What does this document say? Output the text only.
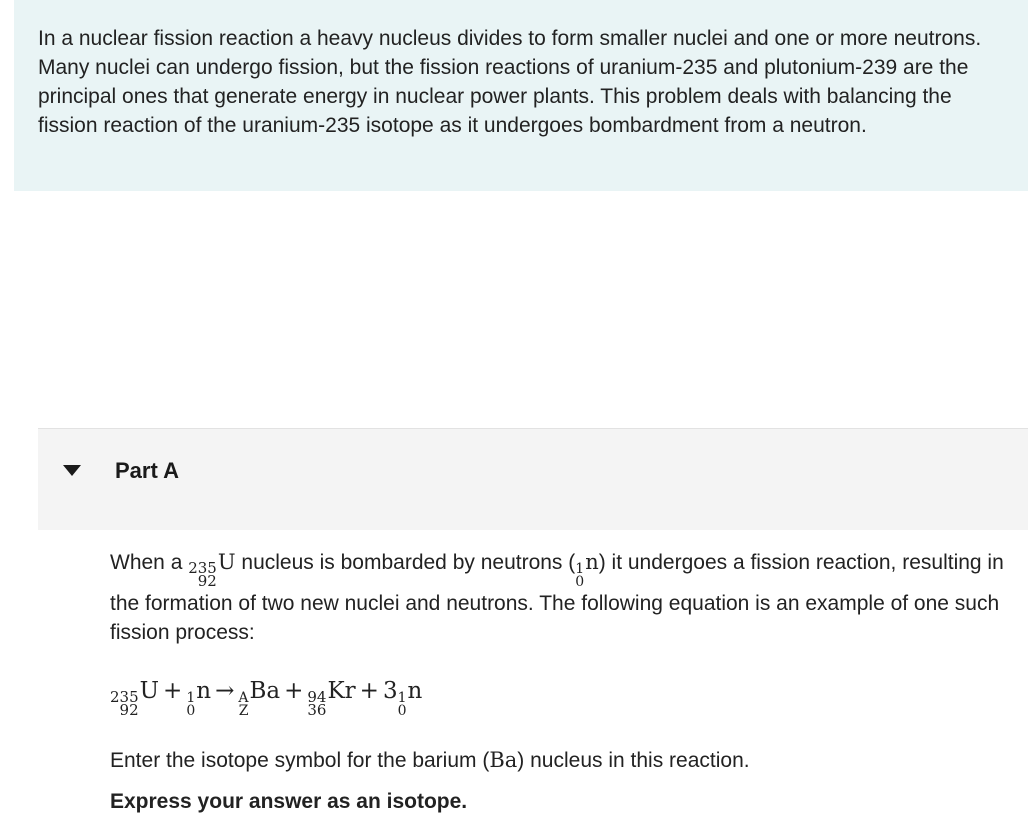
In a nuclear fission reaction a heavy nucleus divides to form smaller nuclei and one or more neutrons. Many nuclei can undergo fission, but the fission reactions of uranium-235 and plutonium-239 are the principal ones that generate energy in nuclear power plants. This problem deals with balancing the fission reaction of the uranium-235 isotope as it undergoes bombardment from a neutron.
Part A
When a 235
92
U nucleus is bombarded by neutrons ( 1
0
n) it undergoes a fission reaction, resulting in the formation of two new nuclei and neutrons. The following equation is an example of one such fission process:
235
92
U + 1
0
n → A
Z
Ba + 94
36
Kr + 3 1
0
n
Enter the isotope symbol for the barium (Ba) nucleus in this reaction.
Express your answer as an isotope.
